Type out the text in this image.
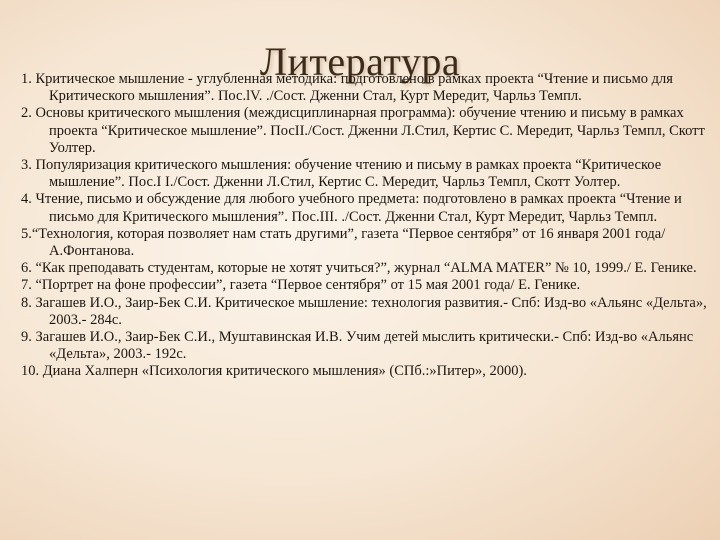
Литература
1. Критическое мышление - углубленная методика: подготовлено в рамках проекта “Чтение и письмо для Критического мышления”. Пос.lV. ./Сост. Дженни Стал, Курт Мередит, Чарльз Темпл.
2. Основы критического мышления (междисциплинарная программа): обучение чтению и письму в рамках проекта “Критическое мышление”. ПосII./Сост. Дженни Л.Стил, Кертис С. Мередит, Чарльз Темпл, Скотт Уолтер.
3. Популяризация критического мышления: обучение чтению и письму в рамках проекта “Критическое мышление”. Пос.I I./Сост. Дженни Л.Стил, Кертис С. Мередит, Чарльз Темпл, Скотт Уолтер.
4. Чтение, письмо и обсуждение для любого учебного предмета: подготовлено в рамках проекта “Чтение и письмо для Критического мышления”. Пос.III. ./Сост. Дженни Стал, Курт Мередит, Чарльз Темпл.
5.“Технология, которая позволяет нам стать другими”, газета “Первое сентября” от 16 января 2001 года/ А.Фонтанова.
6. “Как преподавать студентам, которые не хотят учиться?”, журнал “ALMA MATER” № 10, 1999./ Е. Генике.
7. “Портрет на фоне профессии”, газета “Первое сентября” от 15 мая 2001 года/ Е. Генике.
8. Загашев И.О., Заир-Бек С.И. Критическое мышление: технология развития.- Спб: Изд-во «Альянс «Дельта», 2003.- 284с.
9. Загашев И.О., Заир-Бек С.И., Муштавинская И.В. Учим детей мыслить критически.- Спб: Изд-во «Альянс «Дельта», 2003.- 192с.
10. Диана Халперн «Психология критического мышления» (СПб.:»Питер», 2000).
